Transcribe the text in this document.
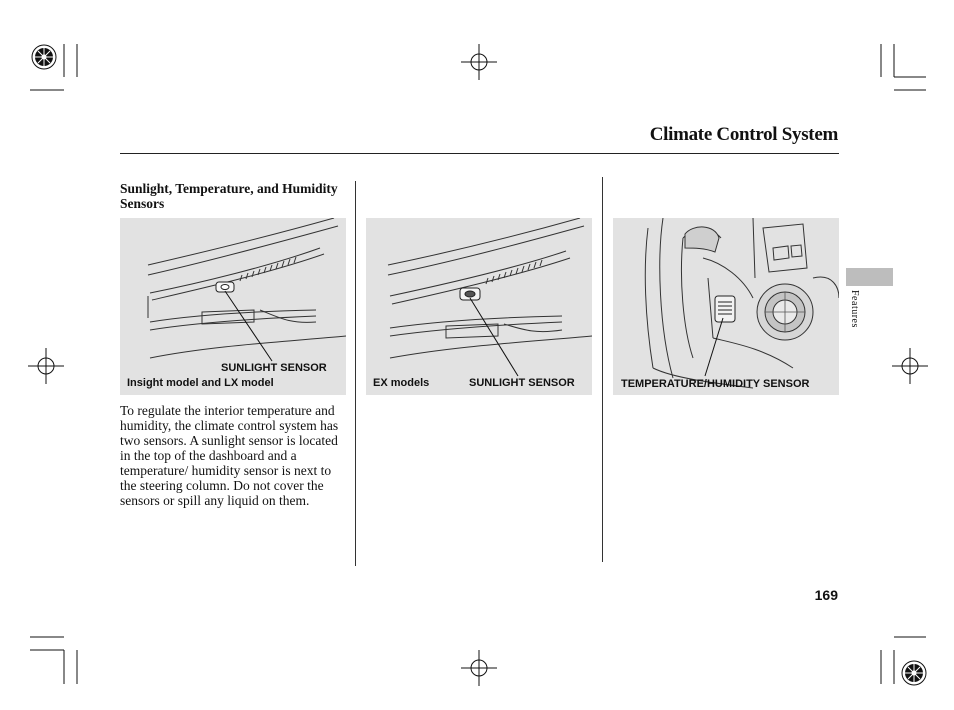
Climate Control System
Sunlight, Temperature, and Humidity Sensors
SUNLIGHT SENSOR
Insight model and LX model	EX models	SUNLIGHT SENSOR	TEMPERATURE/HUMIDITY SENSOR
To regulate the interior temperature and humidity, the climate control system has two sensors. A sunlight sensor is located in the top of the dashboard and a temperature/ humidity sensor is next to the steering column. Do not cover the sensors or spill any liquid on them.
Features
169
